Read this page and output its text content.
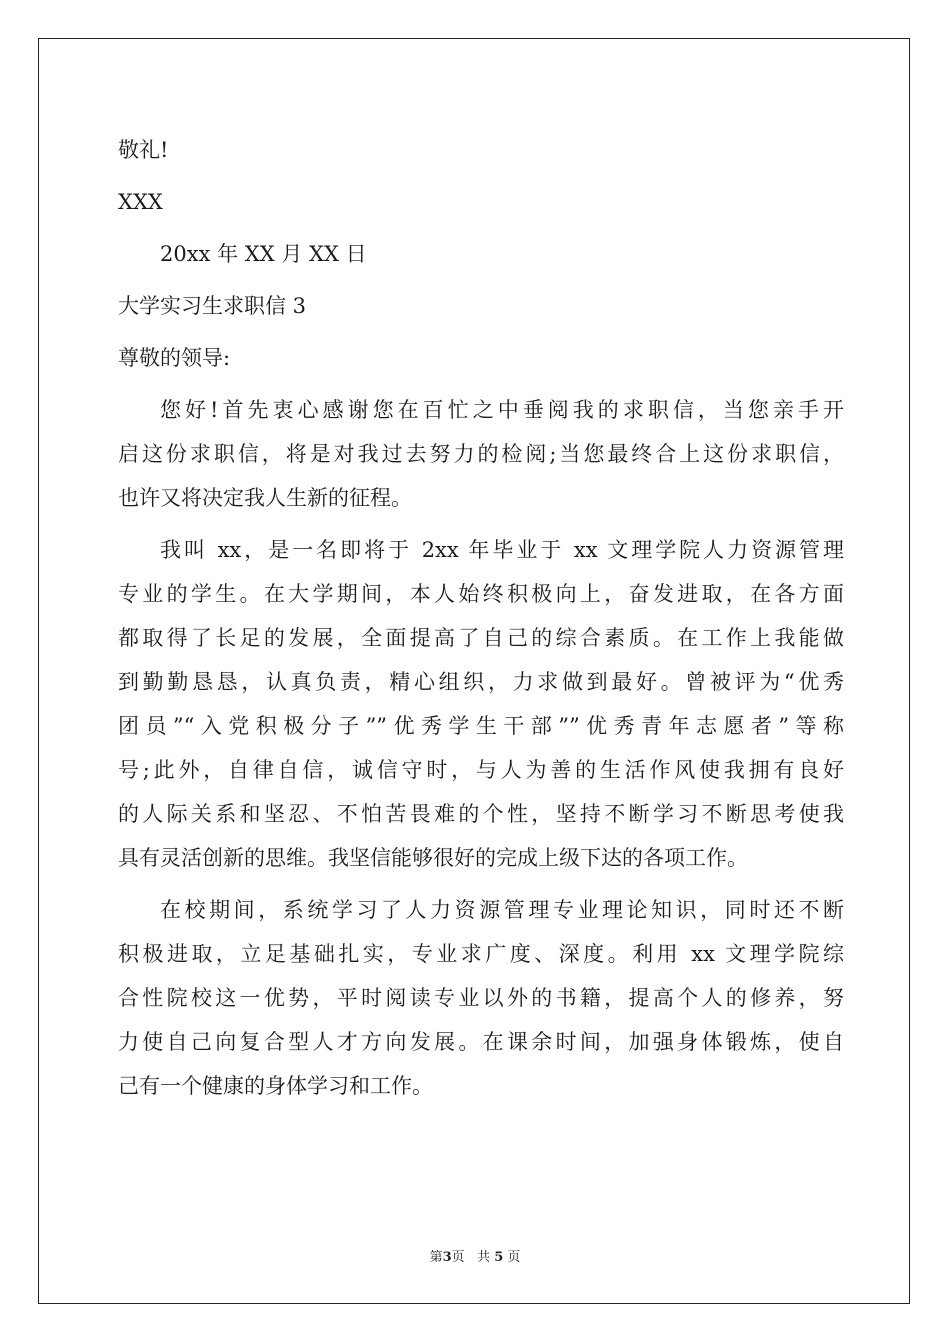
敬礼!
XXX
20xx 年 XX 月 XX 日
大学实习生求职信 3
尊敬的领导:
您好!首先衷心感谢您在百忙之中垂阅我的求职信，当您亲手开
启这份求职信，将是对我过去努力的检阅;当您最终合上这份求职信，
也许又将决定我人生新的征程。
我叫 xx，是一名即将于 2xx 年毕业于 xx 文理学院人力资源管理
专业的学生。在大学期间，本人始终积极向上，奋发进取，在各方面
都取得了长足的发展，全面提高了自己的综合素质。在工作上我能做
到勤勤恳恳，认真负责，精心组织，力求做到最好。曾被评为“优秀
团员”“入党积极分子””优秀学生干部””优秀青年志愿者”等称
号;此外，自律自信，诚信守时，与人为善的生活作风使我拥有良好
的人际关系和坚忍、不怕苦畏难的个性，坚持不断学习不断思考使我
具有灵活创新的思维。我坚信能够很好的完成上级下达的各项工作。
在校期间，系统学习了人力资源管理专业理论知识，同时还不断
积极进取，立足基础扎实，专业求广度、深度。利用 xx 文理学院综
合性院校这一优势，平时阅读专业以外的书籍，提高个人的修养，努
力使自己向复合型人才方向发展。在课余时间，加强身体锻炼，使自
己有一个健康的身体学习和工作。
第3页 共 5 页
